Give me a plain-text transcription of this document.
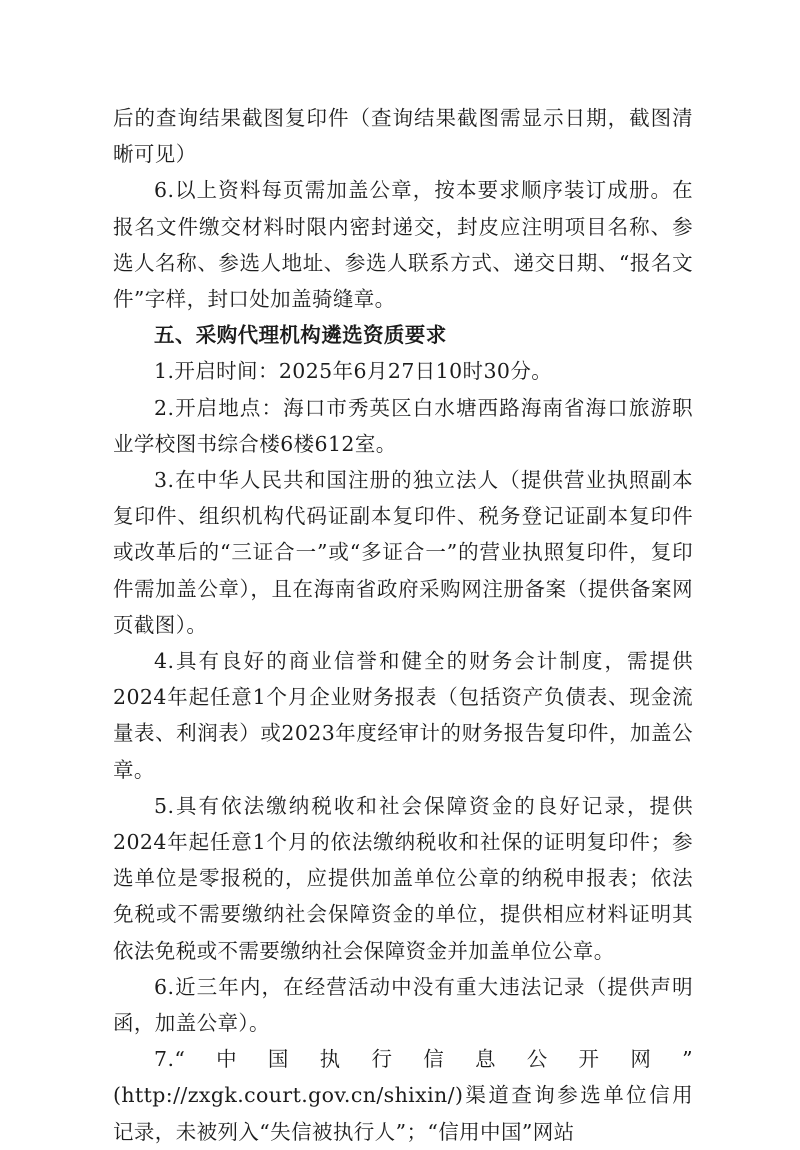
后的查询结果截图复印件（查询结果截图需显示日期，截图清晰可见）

6.以上资料每页需加盖公章，按本要求顺序装订成册。在报名文件缴交材料时限内密封递交，封皮应注明项目名称、参选人名称、参选人地址、参选人联系方式、递交日期、“报名文件”字样，封口处加盖骑缝章。

五、采购代理机构遴选资质要求

1.开启时间：2025年6月27日10时30分。

2.开启地点：海口市秀英区白水塘西路海南省海口旅游职业学校图书综合楼6楼612室。

3.在中华人民共和国注册的独立法人（提供营业执照副本复印件、组织机构代码证副本复印件、税务登记证副本复印件或改革后的“三证合一”或“多证合一”的营业执照复印件，复印件需加盖公章），且在海南省政府采购网注册备案（提供备案网页截图）。

4.具有良好的商业信誉和健全的财务会计制度，需提供2024年起任意1个月企业财务报表（包括资产负债表、现金流量表、利润表）或2023年度经审计的财务报告复印件，加盖公章。

5.具有依法缴纳税收和社会保障资金的良好记录，提供2024年起任意1个月的依法缴纳税收和社保的证明复印件；参选单位是零报税的，应提供加盖单位公章的纳税申报表；依法免税或不需要缴纳社会保障资金的单位，提供相应材料证明其依法免税或不需要缴纳社会保障资金并加盖单位公章。

6.近三年内，在经营活动中没有重大违法记录（提供声明函，加盖公章）。

7.“中国执行信息公开网”

(http://zxgk.court.gov.cn/shixin/)渠道查询参选单位信用记录，未被列入“失信被执行人”；“信用中国”网站
